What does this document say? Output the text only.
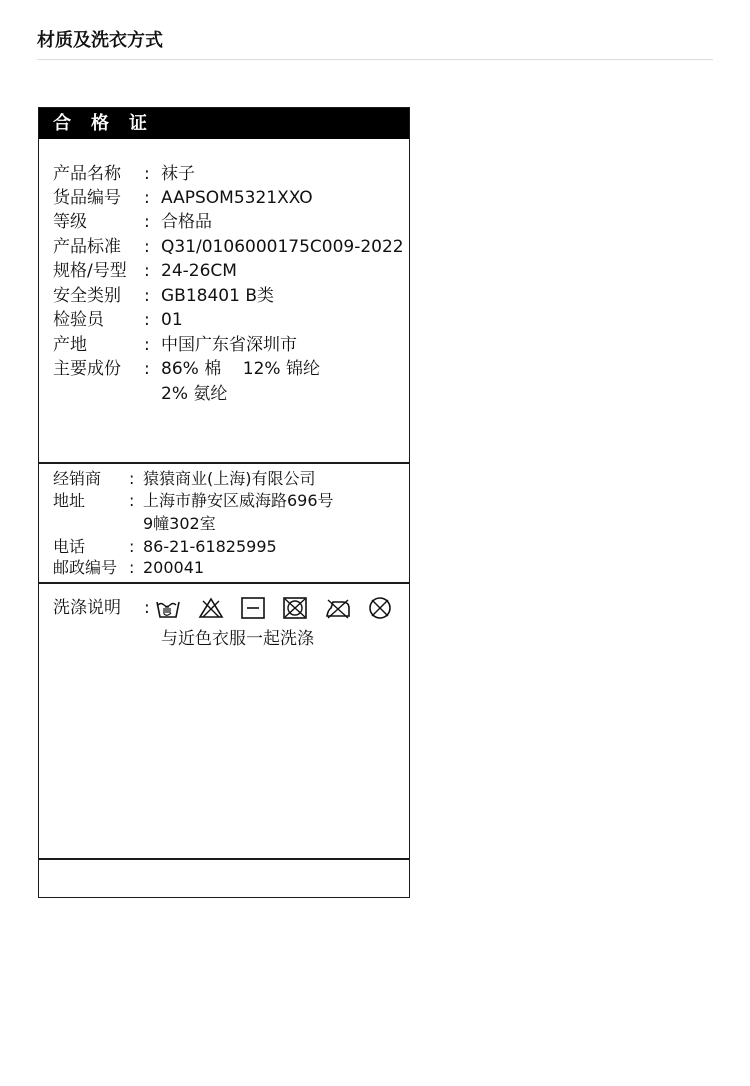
材质及洗衣方式
合格证
产品名称 : 袜子
货品编号 : AAPSOM5321XXO
等级	: 合格品
产品标准 : Q31/0106000175C009-2022
规格/号型 : 24-26CM
安全类别 : GB18401 B类
检验员 : 01
产地	: 中国广东省深圳市
主要成份 : 86% 棉    12% 锦纶
2% 氨纶
经销商 : 猿猿商业(上海)有限公司
地址	: 上海市静安区威海路696号
9幢302室
电话	: 86-21-61825995
邮政编号 : 200041
洗涤说明 :
与近色衣服一起洗涤
